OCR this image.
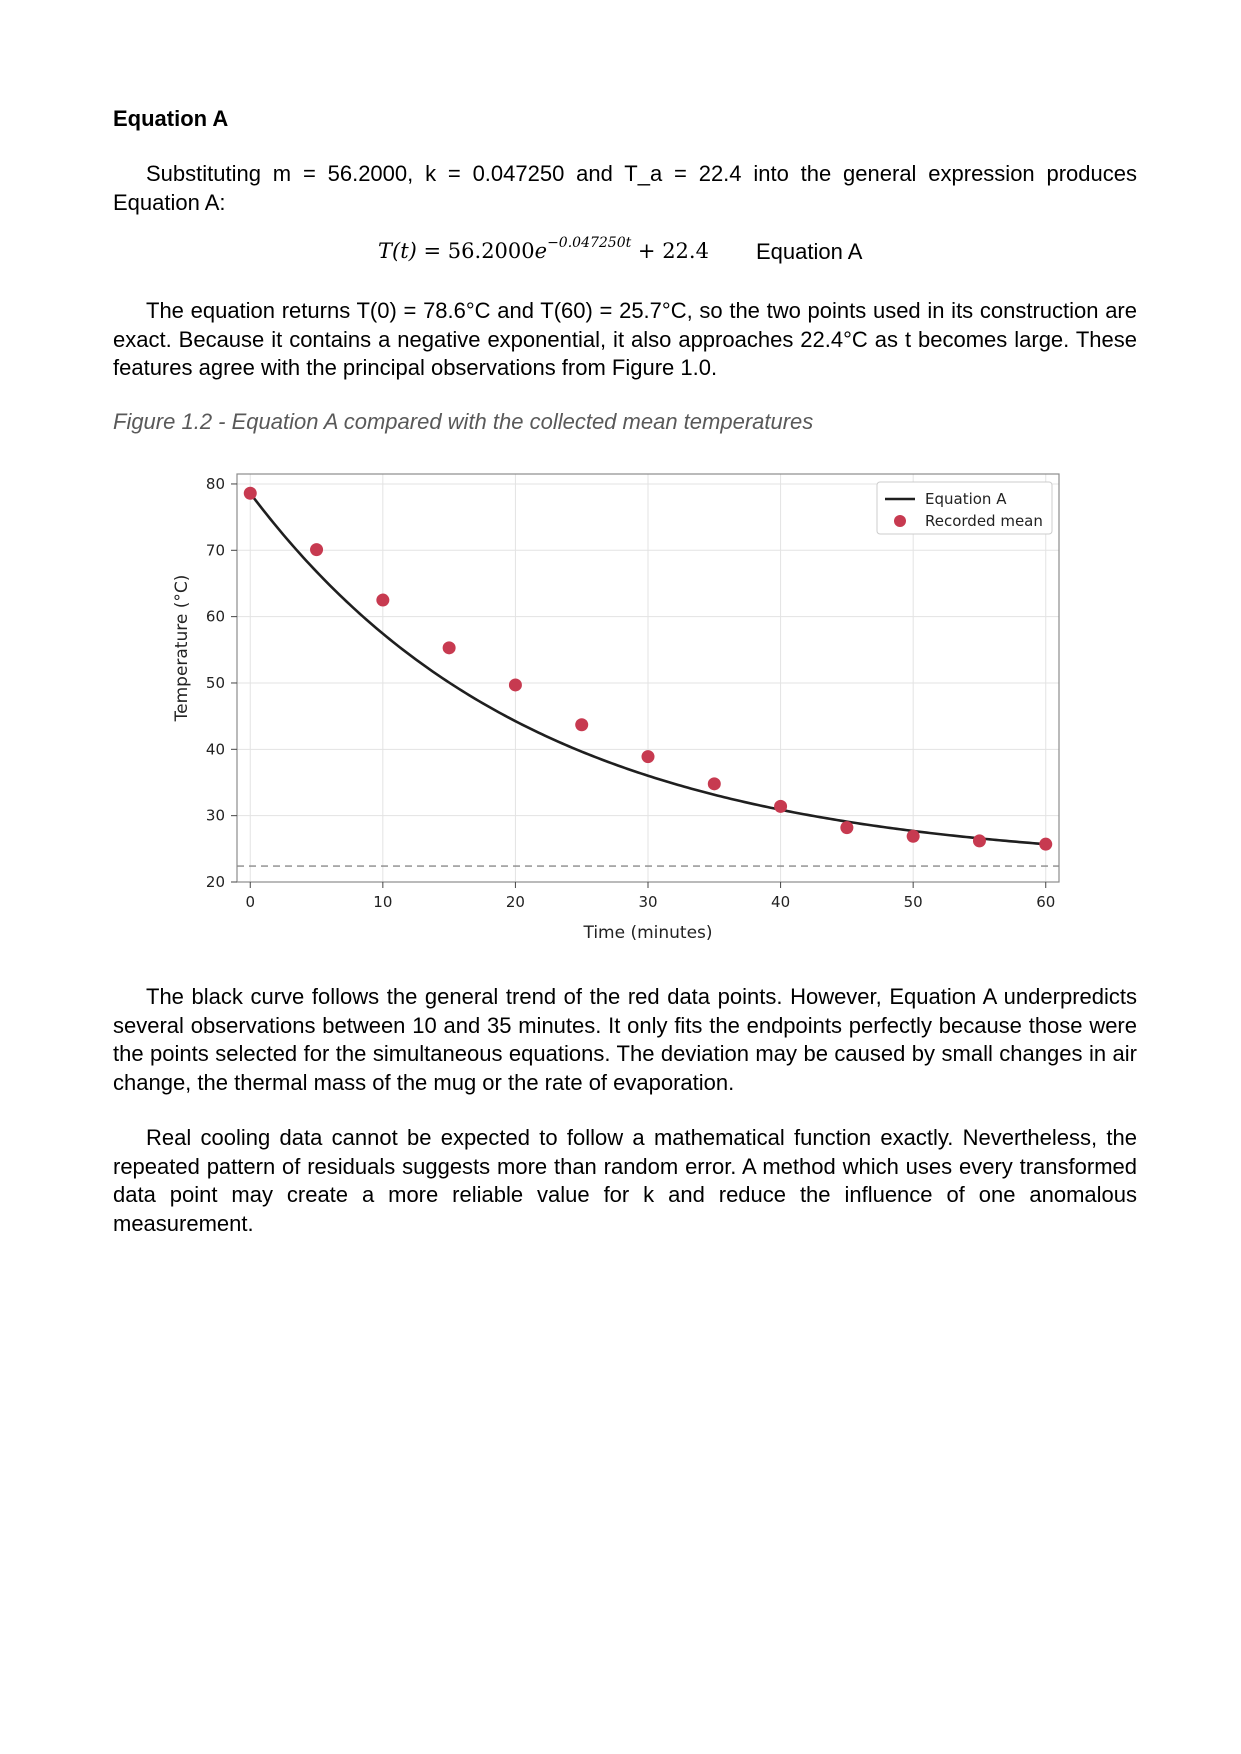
Equation A

Substituting m = 56.2000, k = 0.047250 and T_a = 22.4 into the general expression produces Equation A:

$T(t) = 56.2000e^{-0.047250t} + 22.4$ Equation A

The equation returns T(0) = 78.6°C and T(60) = 25.7°C, so the two points used in its construction are exact. Because it contains a negative exponential, it also approaches 22.4°C as t becomes large. These features agree with the principal observations from Figure 1.0.

Figure 1.2 - Equation A compared with the collected mean temperatures

0	10	20	30	40	50	60
20
30
40
50
60
70
80
Time (minutes)
Temperature (°C)
Equation A
Recorded mean

The black curve follows the general trend of the red data points. However, Equation A underpredicts several observations between 10 and 35 minutes. It only fits the endpoints perfectly because those were the points selected for the simultaneous equations. The deviation may be caused by small changes in air change, the thermal mass of the mug or the rate of evaporation.

Real cooling data cannot be expected to follow a mathematical function exactly. Nevertheless, the repeated pattern of residuals suggests more than random error. A method which uses every transformed data point may create a more reliable value for k and reduce the influence of one anomalous measurement.
